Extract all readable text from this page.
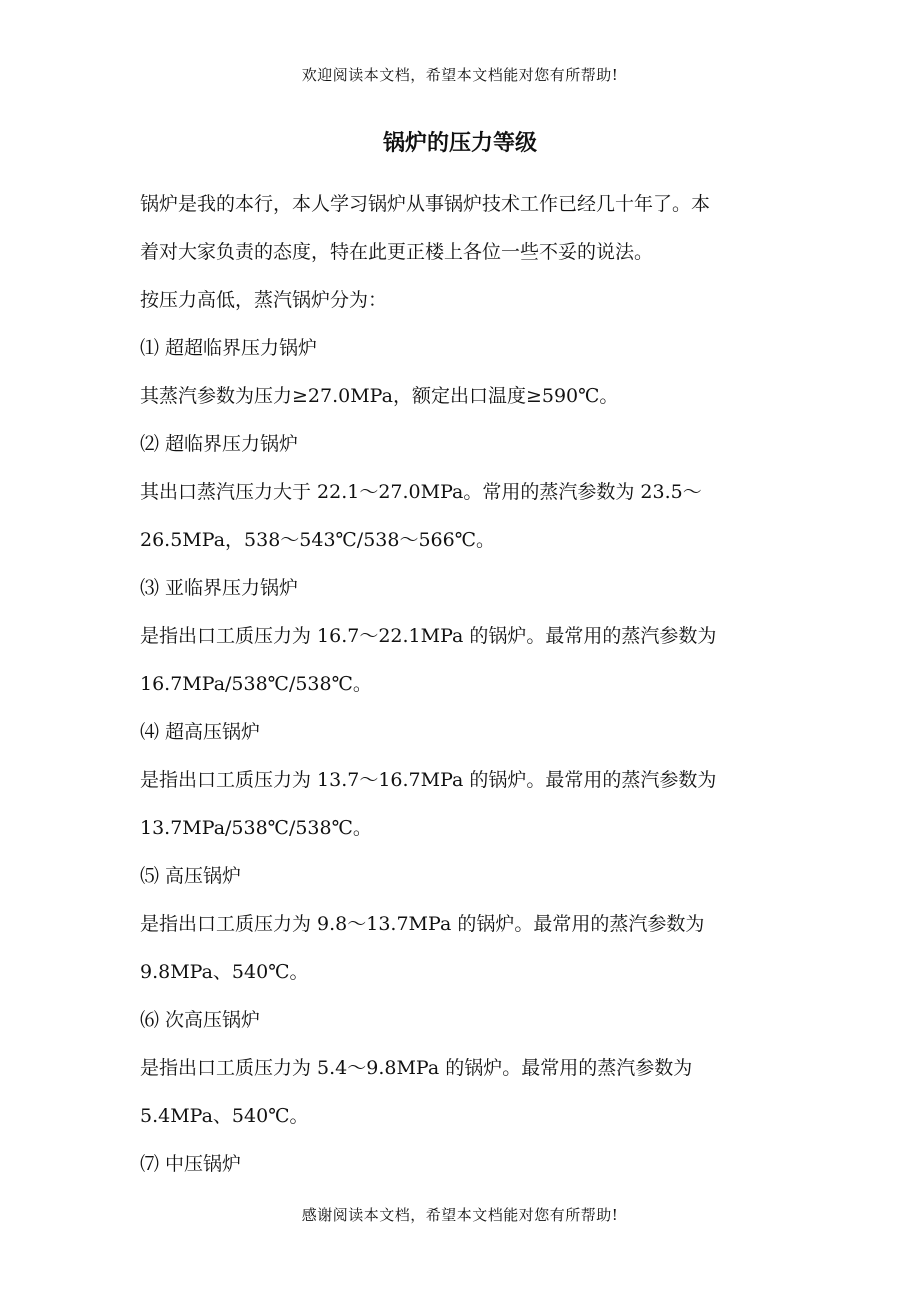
欢迎阅读本文档，希望本文档能对您有所帮助!
锅炉的压力等级

锅炉是我的本行，本人学习锅炉从事锅炉技术工作已经几十年了。本

着对大家负责的态度，特在此更正楼上各位一些不妥的说法。

按压力高低，蒸汽锅炉分为：

⑴ 超超临界压力锅炉

其蒸汽参数为压力≥27.0MPa，额定出口温度≥590℃。

⑵ 超临界压力锅炉

其出口蒸汽压力大于 22.1～27.0MPa。常用的蒸汽参数为 23.5～

26.5MPa，538～543℃/538～566℃。

⑶ 亚临界压力锅炉

是指出口工质压力为 16.7～22.1MPa 的锅炉。最常用的蒸汽参数为

16.7MPa/538℃/538℃。

⑷ 超高压锅炉

是指出口工质压力为 13.7～16.7MPa 的锅炉。最常用的蒸汽参数为

13.7MPa/538℃/538℃。

⑸ 高压锅炉

是指出口工质压力为 9.8～13.7MPa 的锅炉。最常用的蒸汽参数为

9.8MPa、540℃。

⑹ 次高压锅炉

是指出口工质压力为 5.4～9.8MPa 的锅炉。最常用的蒸汽参数为

5.4MPa、540℃。

⑺ 中压锅炉

感谢阅读本文档，希望本文档能对您有所帮助!
